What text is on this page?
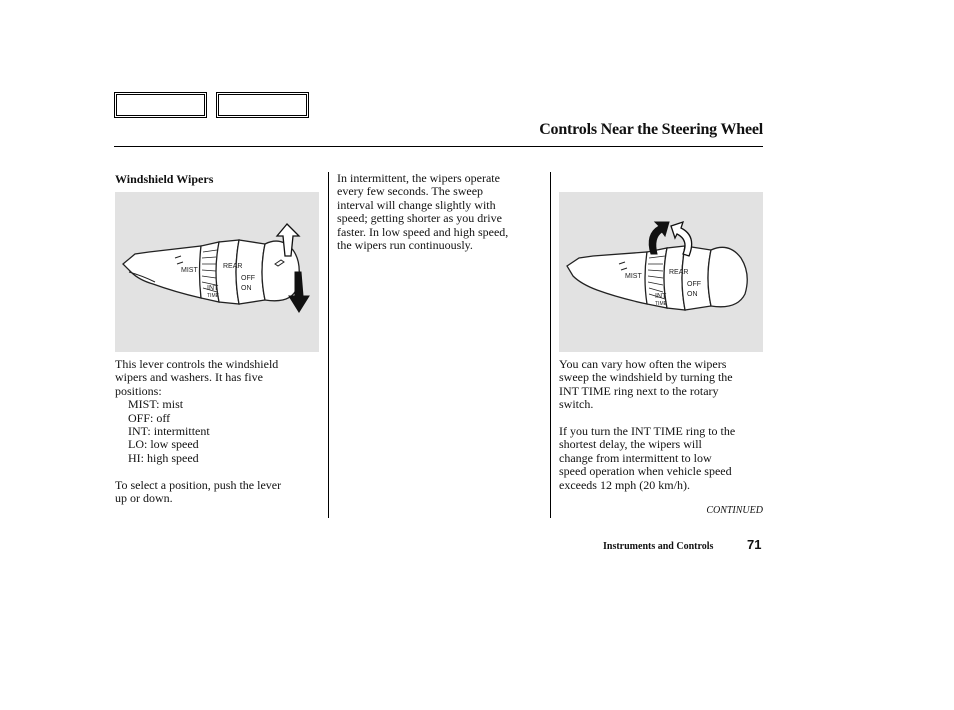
Controls Near the Steering Wheel
Windshield Wipers
MIST
REAR
OFF
ON
INT
TIME
MIST
REAR
OFF
ON
INT
TIME
This lever controls the windshield
wipers and washers. It has five
positions:
MIST: mist
OFF: off
INT: intermittent
LO: low speed
HI: high speed
To select a position, push the lever
up or down.
In intermittent, the wipers operate
every few seconds. The sweep
interval will change slightly with
speed; getting shorter as you drive
faster. In low speed and high speed,
the wipers run continuously.
You can vary how often the wipers
sweep the windshield by turning the
INT TIME ring next to the rotary
switch.
If you turn the INT TIME ring to the
shortest delay, the wipers will
change from intermittent to low
speed operation when vehicle speed
exceeds 12 mph (20 km/h).
CONTINUED
Instruments and Controls	71
